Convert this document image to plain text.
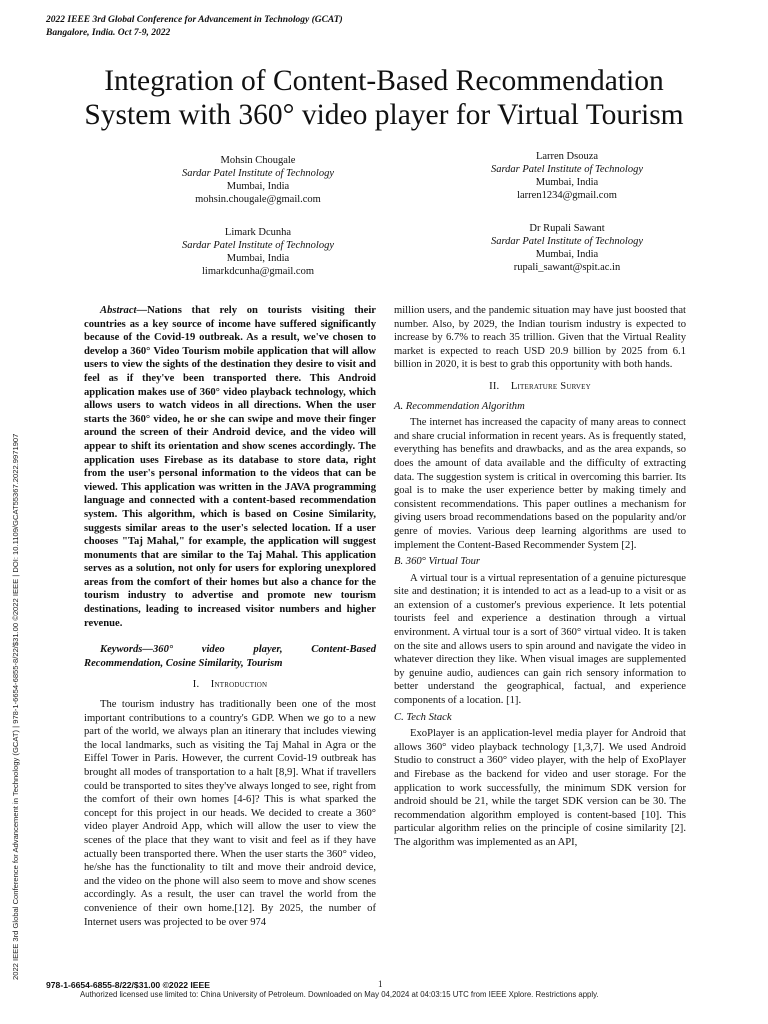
2022 IEEE 3rd Global Conference for Advancement in Technology (GCAT)
Bangalore, India. Oct 7-9, 2022
Integration of Content-Based Recommendation
System with 360° video player for Virtual Tourism
Mohsin Chougale
Sardar Patel Institute of Technology
Mumbai, India
mohsin.chougale@gmail.com
Larren Dsouza
Sardar Patel Institute of Technology
Mumbai, India
larren1234@gmail.com
Limark Dcunha
Sardar Patel Institute of Technology
Mumbai, India
limarkdcunha@gmail.com
Dr Rupali Sawant
Sardar Patel Institute of Technology
Mumbai, India
rupali_sawant@spit.ac.in
2022 IEEE 3rd Global Conference for Advancement in Technology (GCAT) | 978-1-6654-6855-8/22/$31.00 ©2022 IEEE | DOI: 10.1109/GCAT55367.2022.9971907

Abstract—Nations that rely on tourists visiting their countries as a key source of income have suffered significantly because of the Covid-19 outbreak. As a result, we've chosen to develop a 360° Video Tourism mobile application that will allow users to view the sights of the destination they desire to visit and feel as if they've been transported there. This Android application makes use of 360° video playback technology, which allows users to watch videos in all directions. When the user starts the 360° video, he or she can swipe and move their finger around the screen of their Android device, and the video will appear to shift its orientation and show scenes accordingly. The application uses Firebase as its database to store data, right from the user's personal information to the videos that can be viewed. This application was written in the JAVA programming language and connected with a content-based recommendation system. This algorithm, which is based on Cosine Similarity, suggests similar areas to the user's selected location. If a user chooses "Taj Mahal," for example, the application will suggest monuments that are similar to the Taj Mahal. This application serves as a solution, not only for users for exploring unexplored areas from the comfort of their homes but also a chance for the tourism industry to advertise and promote new tourism destinations, leading to increased visitor numbers and higher revenue.

Keywords—360° video player, Content-Based Recommendation, Cosine Similarity, Tourism

I. Introduction

The tourism industry has traditionally been one of the most important contributions to a country's GDP. When we go to a new part of the world, we always plan an itinerary that includes viewing the local landmarks, such as visiting the Taj Mahal in Agra or the Eiffel Tower in Paris. However, the current Covid-19 outbreak has brought all modes of transportation to a halt [8,9]. What if travellers could be transported to sites they've always longed to see, right from the comfort of their own homes [4-6]? This is what sparked the concept for this project in our heads. We decided to create a 360° video player Android App, which will allow the user to view the scenes of the place that they want to visit and feel as if they have actually been transported there. When the user starts the 360° video, he/she has the functionality to tilt and move their android device, and the video on the phone will also seem to move and show scenes accordingly. As a result, the user can travel the world from the convenience of their own home.[12]. By 2025, the number of Internet users was projected to be over 974

million users, and the pandemic situation may have just boosted that number. Also, by 2029, the Indian tourism industry is expected to increase by 6.7% to reach 35 trillion. Given that the Virtual Reality market is expected to reach USD 20.9 billion by 2025 from 6.1 billion in 2020, it is best to grab this opportunity with both hands.

II. Literature Survey
A. Recommendation Algorithm

The internet has increased the capacity of many areas to connect and share crucial information in recent years. As is frequently stated, everything has benefits and drawbacks, and as the area expands, so does the amount of data available and the difficulty of extracting data. The suggestion system is critical in overcoming this barrier. Its goal is to make the user experience better by making timely and consistent recommendations. This paper outlines a mechanism for giving users broad recommendations based on the popularity and/or genre of movies. Various deep learning algorithms are used to implement the Content-Based Recommender System [2].

B. 360° Virtual Tour

A virtual tour is a virtual representation of a genuine picturesque site and destination; it is intended to act as a lead-up to a visit or as an extension of a customer's previous experience. It lets potential tourists feel and experience a destination through a virtual environment. A virtual tour is a sort of 360° virtual video. It is taken on the site and allows users to spin around and navigate the video in whatever direction they like. When visual images are supplemented by genuine audio, audiences can gain rich sensory information to better understand the geographical, factual, and experience components of a location. [1].

C. Tech Stack

ExoPlayer is an application-level media player for Android that allows 360° video playback technology [1,3,7]. We used Android Studio to construct a 360° video player, with the help of ExoPlayer and Firebase as the backend for video and user storage. For the application to work successfully, the minimum SDK version for android should be 21, while the target SDK version can be 30. The recommendation algorithm employed is content-based [10]. This particular algorithm relies on the principle of cosine similarity [2]. The algorithm was implemented as an API,

978-1-6654-6855-8/22/$31.00 ©2022 IEEE	1
Authorized licensed use limited to: China University of Petroleum. Downloaded on May 04,2024 at 04:03:15 UTC from IEEE Xplore. Restrictions apply.
